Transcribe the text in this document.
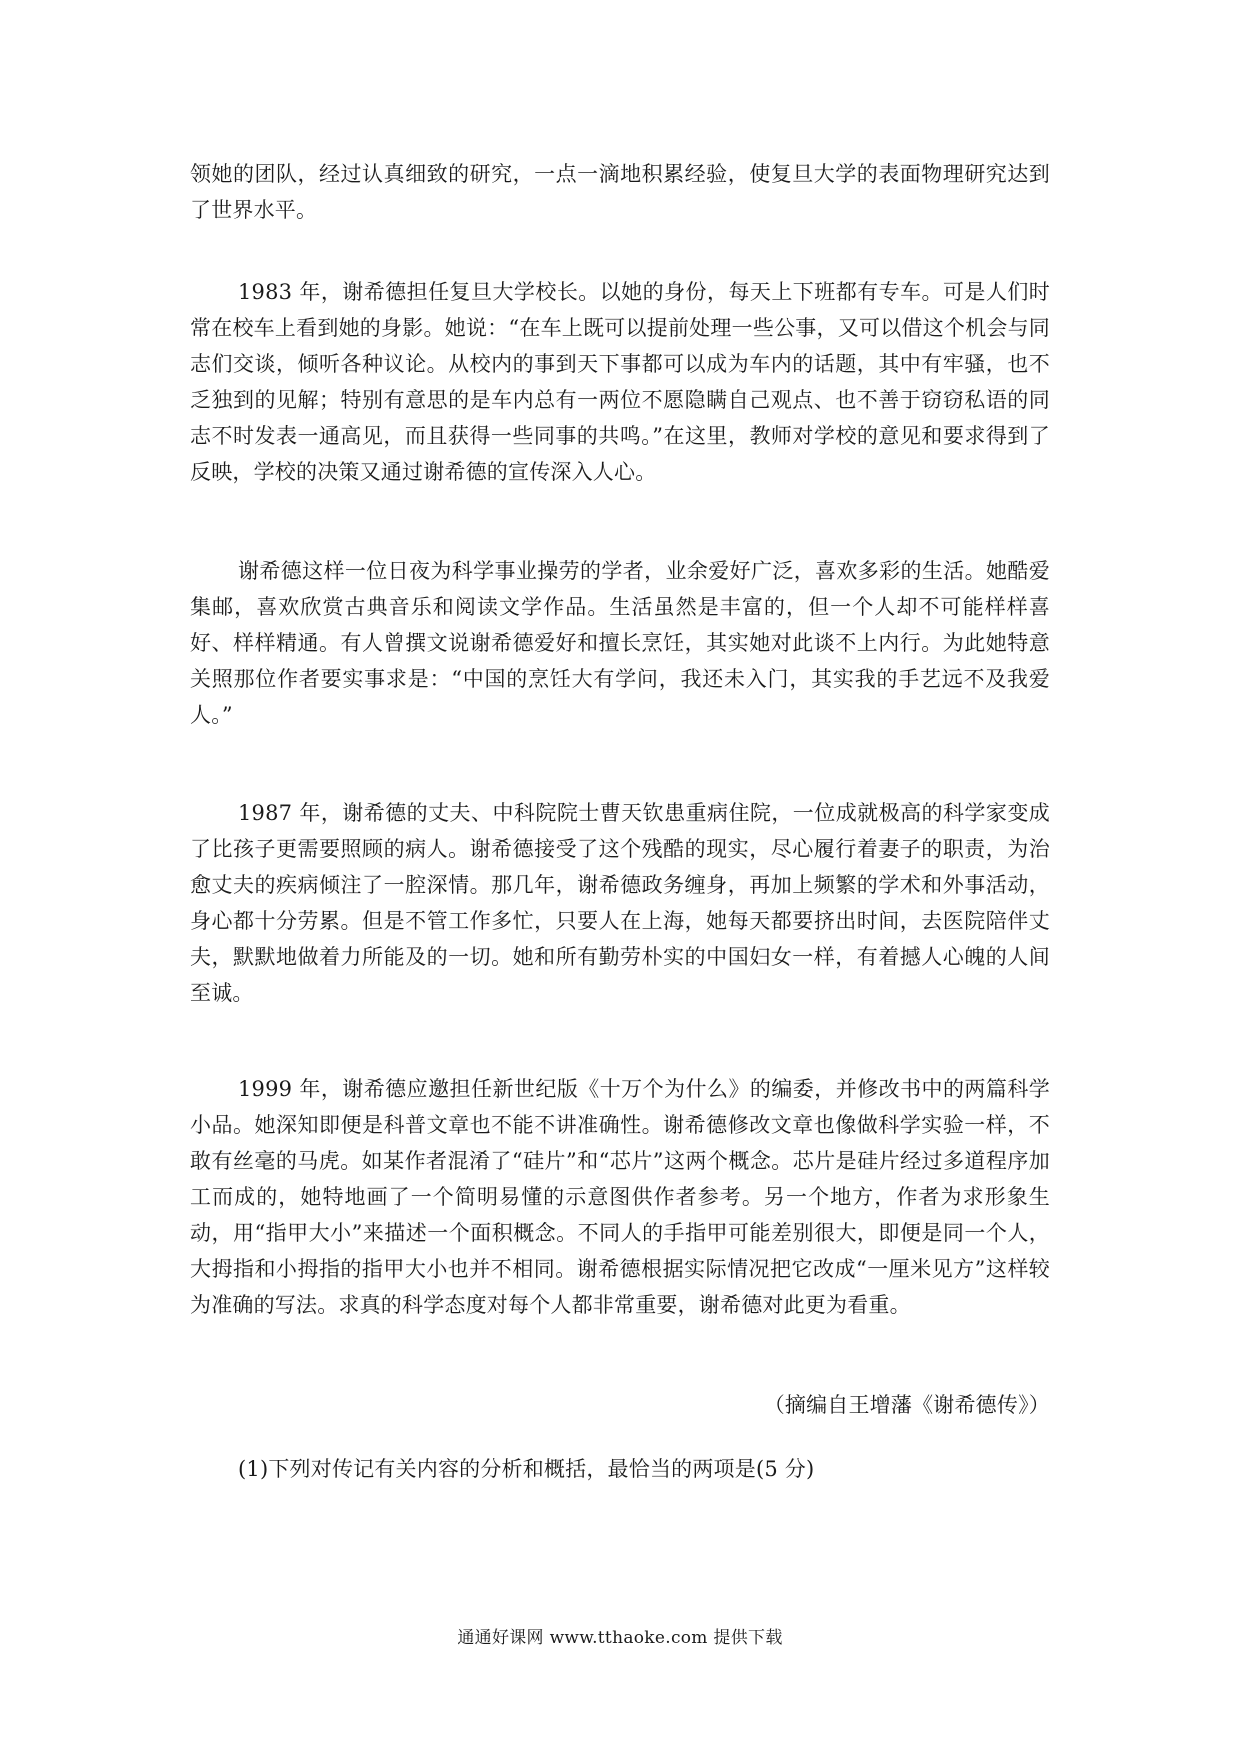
领她的团队，经过认真细致的研究，一点一滴地积累经验，使复旦大学的表面物理研究达到了世界水平。

1983 年，谢希德担任复旦大学校长。以她的身份，每天上下班都有专车。可是人们时常在校车上看到她的身影。她说：“在车上既可以提前处理一些公事，又可以借这个机会与同志们交谈，倾听各种议论。从校内的事到天下事都可以成为车内的话题，其中有牢骚，也不乏独到的见解；特别有意思的是车内总有一两位不愿隐瞒自己观点、也不善于窃窃私语的同志不时发表一通高见，而且获得一些同事的共鸣。”在这里，教师对学校的意见和要求得到了反映，学校的决策又通过谢希德的宣传深入人心。

谢希德这样一位日夜为科学事业操劳的学者，业余爱好广泛，喜欢多彩的生活。她酷爱集邮，喜欢欣赏古典音乐和阅读文学作品。生活虽然是丰富的，但一个人却不可能样样喜好、样样精通。有人曾撰文说谢希德爱好和擅长烹饪，其实她对此谈不上内行。为此她特意关照那位作者要实事求是：“中国的烹饪大有学问，我还未入门，其实我的手艺远不及我爱人。”

1987 年，谢希德的丈夫、中科院院士曹天钦患重病住院，一位成就极高的科学家变成了比孩子更需要照顾的病人。谢希德接受了这个残酷的现实，尽心履行着妻子的职责，为治愈丈夫的疾病倾注了一腔深情。那几年，谢希德政务缠身，再加上频繁的学术和外事活动，身心都十分劳累。但是不管工作多忙，只要人在上海，她每天都要挤出时间，去医院陪伴丈夫，默默地做着力所能及的一切。她和所有勤劳朴实的中国妇女一样，有着撼人心魄的人间至诚。

1999 年，谢希德应邀担任新世纪版《十万个为什么》的编委，并修改书中的两篇科学小品。她深知即便是科普文章也不能不讲准确性。谢希德修改文章也像做科学实验一样，不敢有丝毫的马虎。如某作者混淆了“硅片”和“芯片”这两个概念。芯片是硅片经过多道程序加工而成的，她特地画了一个简明易懂的示意图供作者参考。另一个地方，作者为求形象生动，用“指甲大小”来描述一个面积概念。不同人的手指甲可能差别很大，即便是同一个人，大拇指和小拇指的指甲大小也并不相同。谢希德根据实际情况把它改成“一厘米见方”这样较为准确的写法。求真的科学态度对每个人都非常重要，谢希德对此更为看重。

（摘编自王增藩《谢希德传》）
(1)下列对传记有关内容的分析和概括，最恰当的两项是(5 分)
通通好课网 www.tthaoke.com 提供下载
